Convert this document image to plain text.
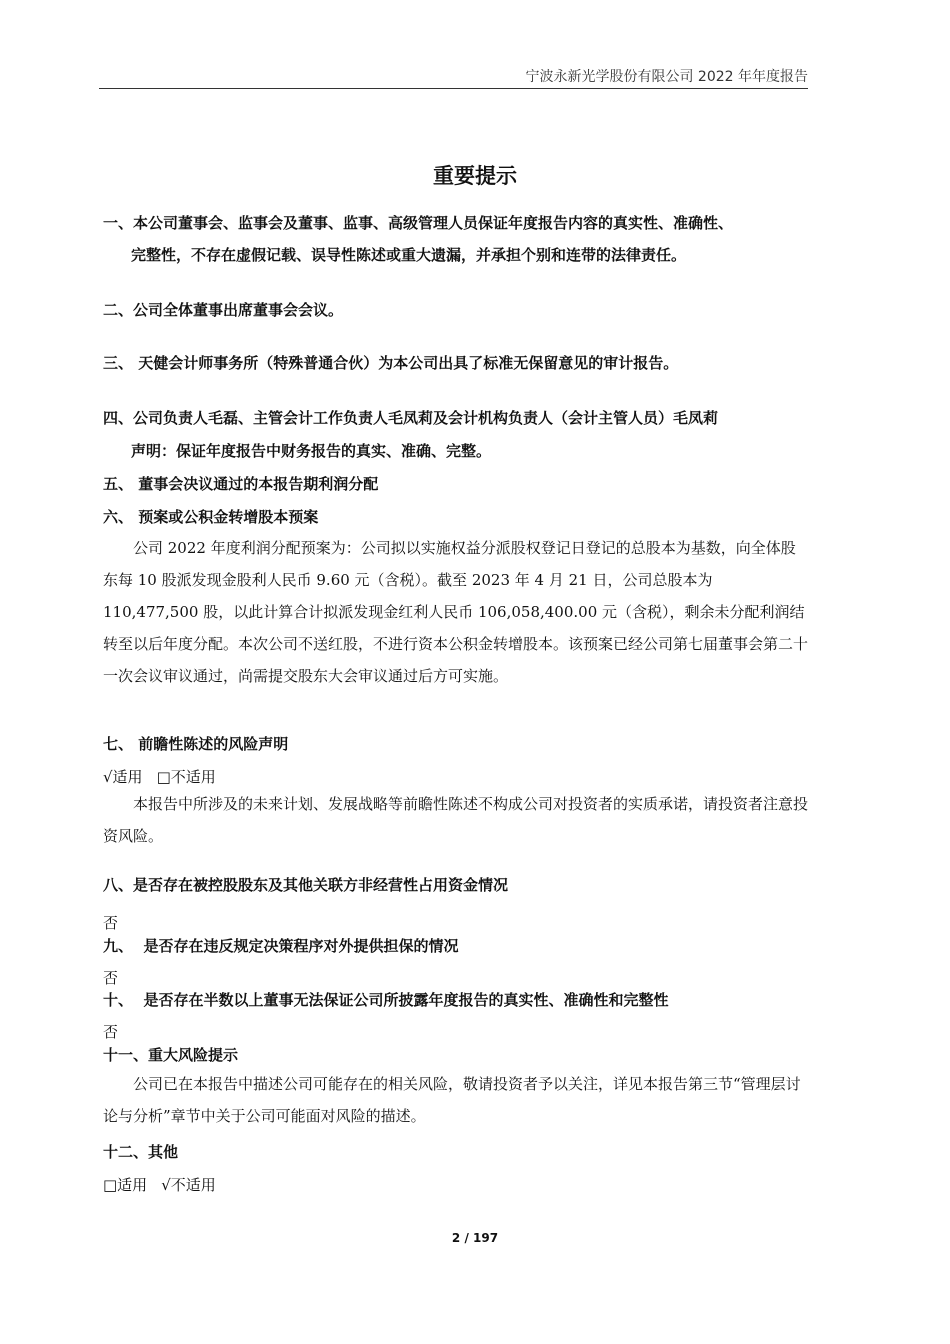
宁波永新光学股份有限公司 2022 年年度报告
重要提示
一、本公司董事会、监事会及董事、监事、高级管理人员保证年度报告内容的真实性、准确性、
完整性，不存在虚假记载、误导性陈述或重大遗漏，并承担个别和连带的法律责任。
二、公司全体董事出席董事会会议。
三、 天健会计师事务所（特殊普通合伙）为本公司出具了标准无保留意见的审计报告。
四、公司负责人毛磊、主管会计工作负责人毛凤莉及会计机构负责人（会计主管人员）毛凤莉
声明：保证年度报告中财务报告的真实、准确、完整。
五、 董事会决议通过的本报告期利润分配
六、 预案或公积金转增股本预案
公司 2022 年度利润分配预案为：公司拟以实施权益分派股权登记日登记的总股本为基数，向全体股东每 10 股派发现金股利人民币 9.60 元（含税）。截至 2023 年 4 月 21 日，公司总股本为 110,477,500 股，以此计算合计拟派发现金红利人民币 106,058,400.00 元（含税），剩余未分配利润结转至以后年度分配。本次公司不送红股，不进行资本公积金转增股本。该预案已经公司第七届董事会第二十一次会议审议通过，尚需提交股东大会审议通过后方可实施。
七、 前瞻性陈述的风险声明
√适用 □不适用
本报告中所涉及的未来计划、发展战略等前瞻性陈述不构成公司对投资者的实质承诺，请投资者注意投资风险。
八、是否存在被控股股东及其他关联方非经营性占用资金情况
否
九、  是否存在违反规定决策程序对外提供担保的情况
否
十、  是否存在半数以上董事无法保证公司所披露年度报告的真实性、准确性和完整性
否
十一、重大风险提示
公司已在本报告中描述公司可能存在的相关风险，敬请投资者予以关注，详见本报告第三节“管理层讨论与分析”章节中关于公司可能面对风险的描述。
十二、其他
□适用 √不适用
2 / 197
